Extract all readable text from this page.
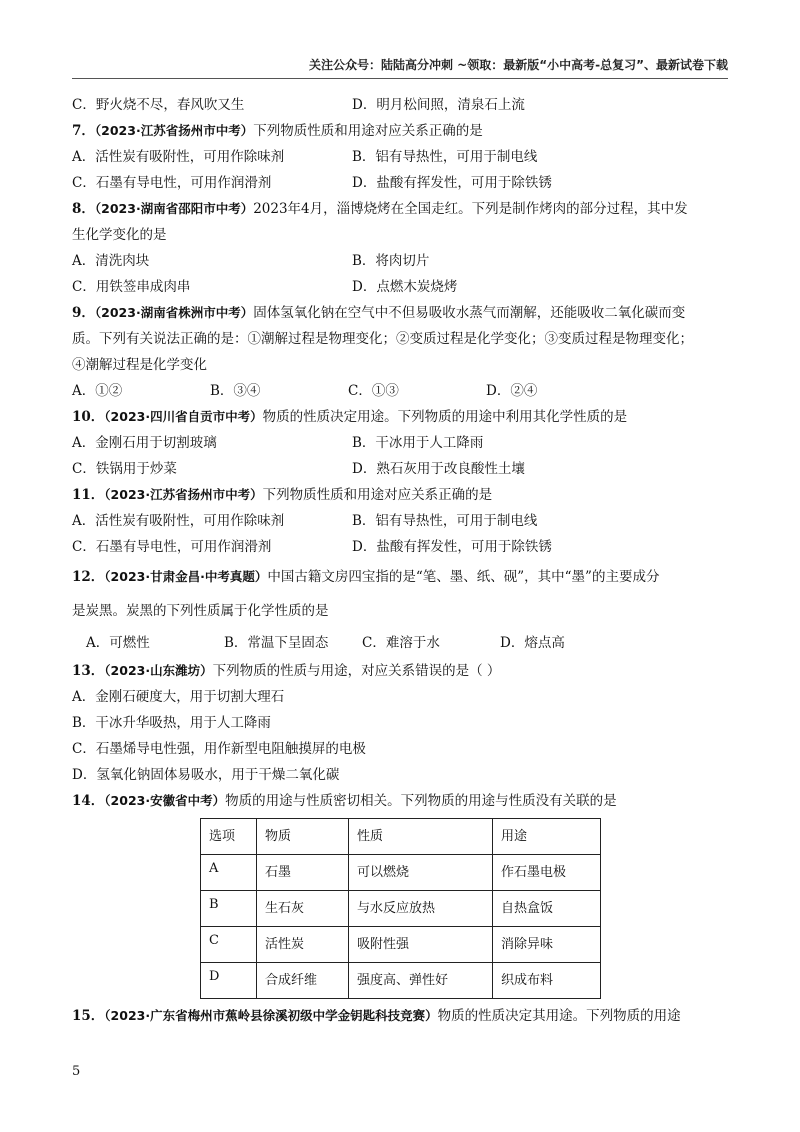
关注公众号：陆陆高分冲刺 ~领取：最新版“小中高考-总复习”、最新试卷下载
C．野火烧不尽，春风吹又生	D．明月松间照，清泉石上流
7．（2023·江苏省扬州市中考）下列物质性质和用途对应关系正确的是
A．活性炭有吸附性，可用作除味剂	B．铝有导热性，可用于制电线
C．石墨有导电性，可用作润滑剂	D．盐酸有挥发性，可用于除铁锈
8．（2023·湖南省邵阳市中考）2023年4月，淄博烧烤在全国走红。下列是制作烤肉的部分过程，其中发
生化学变化的是
A．清洗肉块	B．将肉切片
C．用铁签串成肉串	D．点燃木炭烧烤
9．（2023·湖南省株洲市中考）固体氢氧化钠在空气中不但易吸收水蒸气而潮解，还能吸收二氧化碳而变
质。下列有关说法正确的是：①潮解过程是物理变化；②变质过程是化学变化；③变质过程是物理变化；
④潮解过程是化学变化
A．①②	B．③④	C．①③	D．②④
10．（2023·四川省自贡市中考）物质的性质决定用途。下列物质的用途中利用其化学性质的是
A．金刚石用于切割玻璃	B．干冰用于人工降雨
C．铁锅用于炒菜	D．熟石灰用于改良酸性土壤
11．（2023·江苏省扬州市中考）下列物质性质和用途对应关系正确的是
A．活性炭有吸附性，可用作除味剂	B．铝有导热性，可用于制电线
C．石墨有导电性，可用作润滑剂	D．盐酸有挥发性，可用于除铁锈
12．（2023·甘肃金昌·中考真题）中国古籍文房四宝指的是“笔、墨、纸、砚”，其中“墨”的主要成分
是炭黑。炭黑的下列性质属于化学性质的是
A．可燃性	B．常温下呈固态	C．难溶于水	D．熔点高
13．（2023·山东潍坊）下列物质的性质与用途，对应关系错误的是（ ）
A．金刚石硬度大，用于切割大理石
B．干冰升华吸热，用于人工降雨
C．石墨烯导电性强，用作新型电阻触摸屏的电极
D．氢氧化钠固体易吸水，用于干燥二氧化碳
14．（2023·安徽省中考）物质的用途与性质密切相关。下列物质的用途与性质没有关联的是
选项	物质	性质	用途
A	石墨	可以燃烧	作石墨电极
B	生石灰	与水反应放热	自热盒饭
C	活性炭	吸附性强	消除异味
D	合成纤维	强度高、弹性好	织成布料
15．（2023·广东省梅州市蕉岭县徐溪初级中学金钥匙科技竞赛）物质的性质决定其用途。下列物质的用途
5
